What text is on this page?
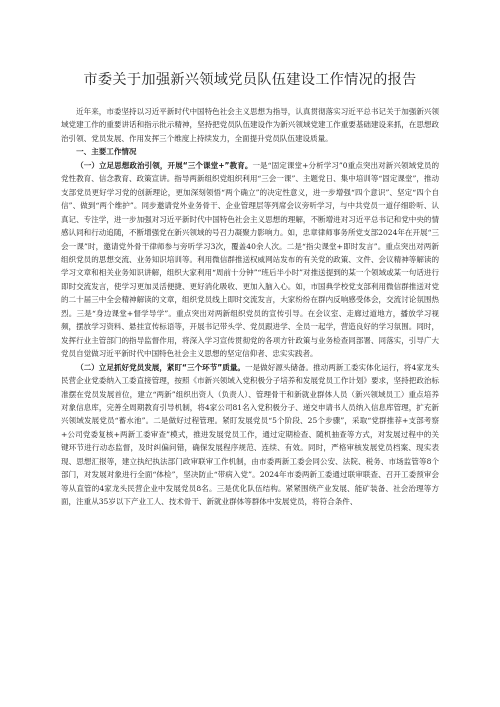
市委关于加强新兴领域党员队伍建设工作情况的报告

近年来，市委坚持以习近平新时代中国特色社会主义思想为指导，认真贯彻落实习近平总书记关于加强新兴领域党建工作的重要讲话和指示批示精神，坚持把党员队伍建设作为新兴领域党建工作重要基础建设来抓，在思想政治引领、党员发展、作用发挥三个维度上持续发力，全面提升党员队伍建设质量。

一、主要工作情况

（一）立足思想政治引领，开展“三个课堂+”教育。一是“固定课堂+分析学习”0重点突出对新兴领域党员的党性教育、信念教育、政策宣讲。指导两新组织党组织利用“三会一课”、主题党日、集中培训等“固定课堂”，推动支部党员更好学习党的创新理论，更加深刻领悟“两个确立”的决定性意义，进一步增强“四个意识”、坚定“四个自信”、做到“两个维护”。同步邀请党外业务骨干、企业管理层等列席会议旁听学习，与中共党员一道仔细聆听、认真记、专注学，进一步加强对习近平新时代中国特色社会主义思想的理解，不断增进对习近平总书记和党中央的情感认同和行动追随，不断增强党在新兴领域的号召力凝聚力影响力。如，忠章律师事务所党支部2024年在开展“三会一课”时，邀请党外骨干律师参与旁听学习3次，覆盖40余人次。二是“指尖课堂+即时发言”。重点突出对两新组织党员的思想交流、业务知识培训等。利用微信群推送权威网站发布的有关党的政策、文件、会议精神等解读的学习文章和相关业务知识讲解，组织大家利用“周前十分钟”“班后半小时”对推送提到的某一个领域或某一句话进行即时交流发言，使学习更加灵活便捷、更好消化吸收、更加入脑入心。如，市国典学校党支部利用微信群推送对党的二十届三中全会精神解读的文章，组织党员线上即时交流发言，大家纷纷在群内反响感受体会，交流讨论氛围热烈。三是“身边课堂+督学导学”。重点突出对两新组织党员的宣传引导。在会议室、走廊过道地方，播放学习视频，摆放学习资料、悬挂宣传标语等，开展书记带头学、党员跟进学、全员一起学，营造良好的学习氛围。同时，发挥行业主管部门的指导监督作用，将深入学习宣传贯彻党的各项方针政策与业务检查同部署、同落实，引导广大党员自觉做习近平新时代中国特色社会主义思想的坚定信仰者、忠实实践者。

（二）立足抓好党员发展，紧盯“三个环节”质量。一是做好源头储备。推动两新工委实体化运行，将4家龙头民营企业党委纳入工委直接管理，按照《市新兴领域入党积极分子培养和发展党员工作计划》要求，坚持把政治标准摆在党员发展首位，建立“两新”组织出资人（负责人）、管理骨干和新就业群体人员（新兴领域员工）重点培养对象信息库，完善全周期教育引导机制，将4家公司81名入党积极分子、递交申请书人员纳入信息库管理，扩充新兴领域发展党员“蓄水池”。二是做好过程管理。紧盯发展党员“5个阶段、25个步骤”，采取“党群推荐+支部考察+公司党委复核+两新工委审查”模式，推进发展党员工作，通过定期检查、随机抽查等方式，对发展过程中的关键环节进行动态监督，及时纠偏问错，确保发展程序规范、连续、有效。同时，严格审核发展党员档案、现实表现、思想汇报等，建立执纪执法部门政审联审工作机制，由市委两新工委会同公安、法院、税务、市场监管等8个部门，对发展对象进行全面“体检”，坚决防止“带病入党”。2024年市委两新工委通过联审联查、召开工委预审会等从直管的4家龙头民营企业中发展党员8名。三是优化队伍结构。紧紧围绕产业发展、能矿装备、社会治理等方面，注重从35岁以下产业工人、技术骨干、新就业群体等群体中发展党员，将符合条件、
